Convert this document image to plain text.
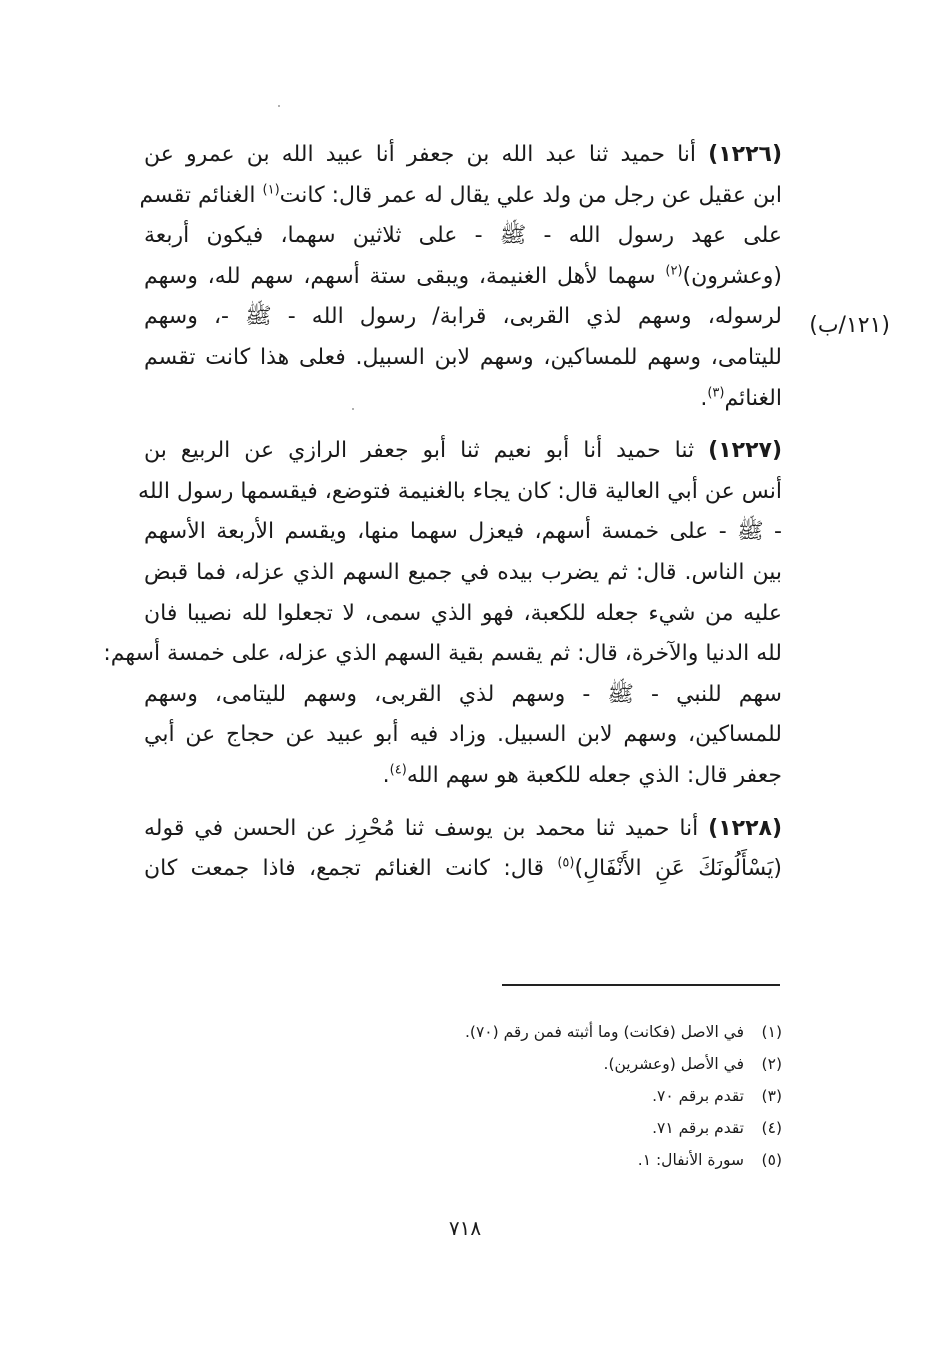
(١٢٢٦) أنا حميد ثنا عبد الله بن جعفر أنا عبيد الله بن عمرو عن
ابن عقيل عن رجل من ولد علي يقال له عمر قال: كانت$^{(١)}$ الغنائم تقسم
على عهد رسول الله - ﷺ - على ثلاثين سهما، فيكون أربعة
(وعشرون)$^{(٢)}$ سهما لأهل الغنيمة، ويبقى ستة أسهم، سهم لله، وسهم
لرسوله، وسهم لذي القربى، قرابة/ رسول الله - ﷺ -، وسهم
لليتامى، وسهم للمساكين، وسهم لابن السبيل. فعلى هذا كانت تقسم
الغنائم$^{(٣)}$.
(١٢٢٧) ثنا حميد أنا أبو نعيم ثنا أبو جعفر الرازي عن الربيع بن
أنس عن أبي العالية قال: كان يجاء بالغنيمة فتوضع، فيقسمها رسول الله
- ﷺ - على خمسة أسهم، فيعزل سهما منها، ويقسم الأربعة الأسهم
بين الناس. قال: ثم يضرب بيده في جميع السهم الذي عزله، فما قبض
عليه من شيء جعله للكعبة، فهو الذي سمى، لا تجعلوا لله نصيبا فان
لله الدنيا والآخرة، قال: ثم يقسم بقية السهم الذي عزله، على خمسة أسهم:
سهم للنبي - ﷺ - وسهم لذي القربى، وسهم لليتامى، وسهم
للمساكين، وسهم لابن السبيل. وزاد فيه أبو عبيد عن حجاج عن أبي
جعفر قال: الذي جعله للكعبة هو سهم الله$^{(٤)}$.
(١٢٢٨) أنا حميد ثنا محمد بن يوسف ثنا مُحْرِز عن الحسن في قوله
(يَسْأَلُونَكَ عَنِ الأَنْفَالِ)$^{(٥)}$ قال: كانت الغنائم تجمع، فاذا جمعت كان
(١٢١/ب)
(١)في الاصل (فكانت) وما أثبته فمن رقم (٧٠).
(٢)في الأصل (وعشرين).
(٣)تقدم برقم ٧٠.
(٤)تقدم برقم ٧١.
(٥)سورة الأنفال: ١.
٧١٨
